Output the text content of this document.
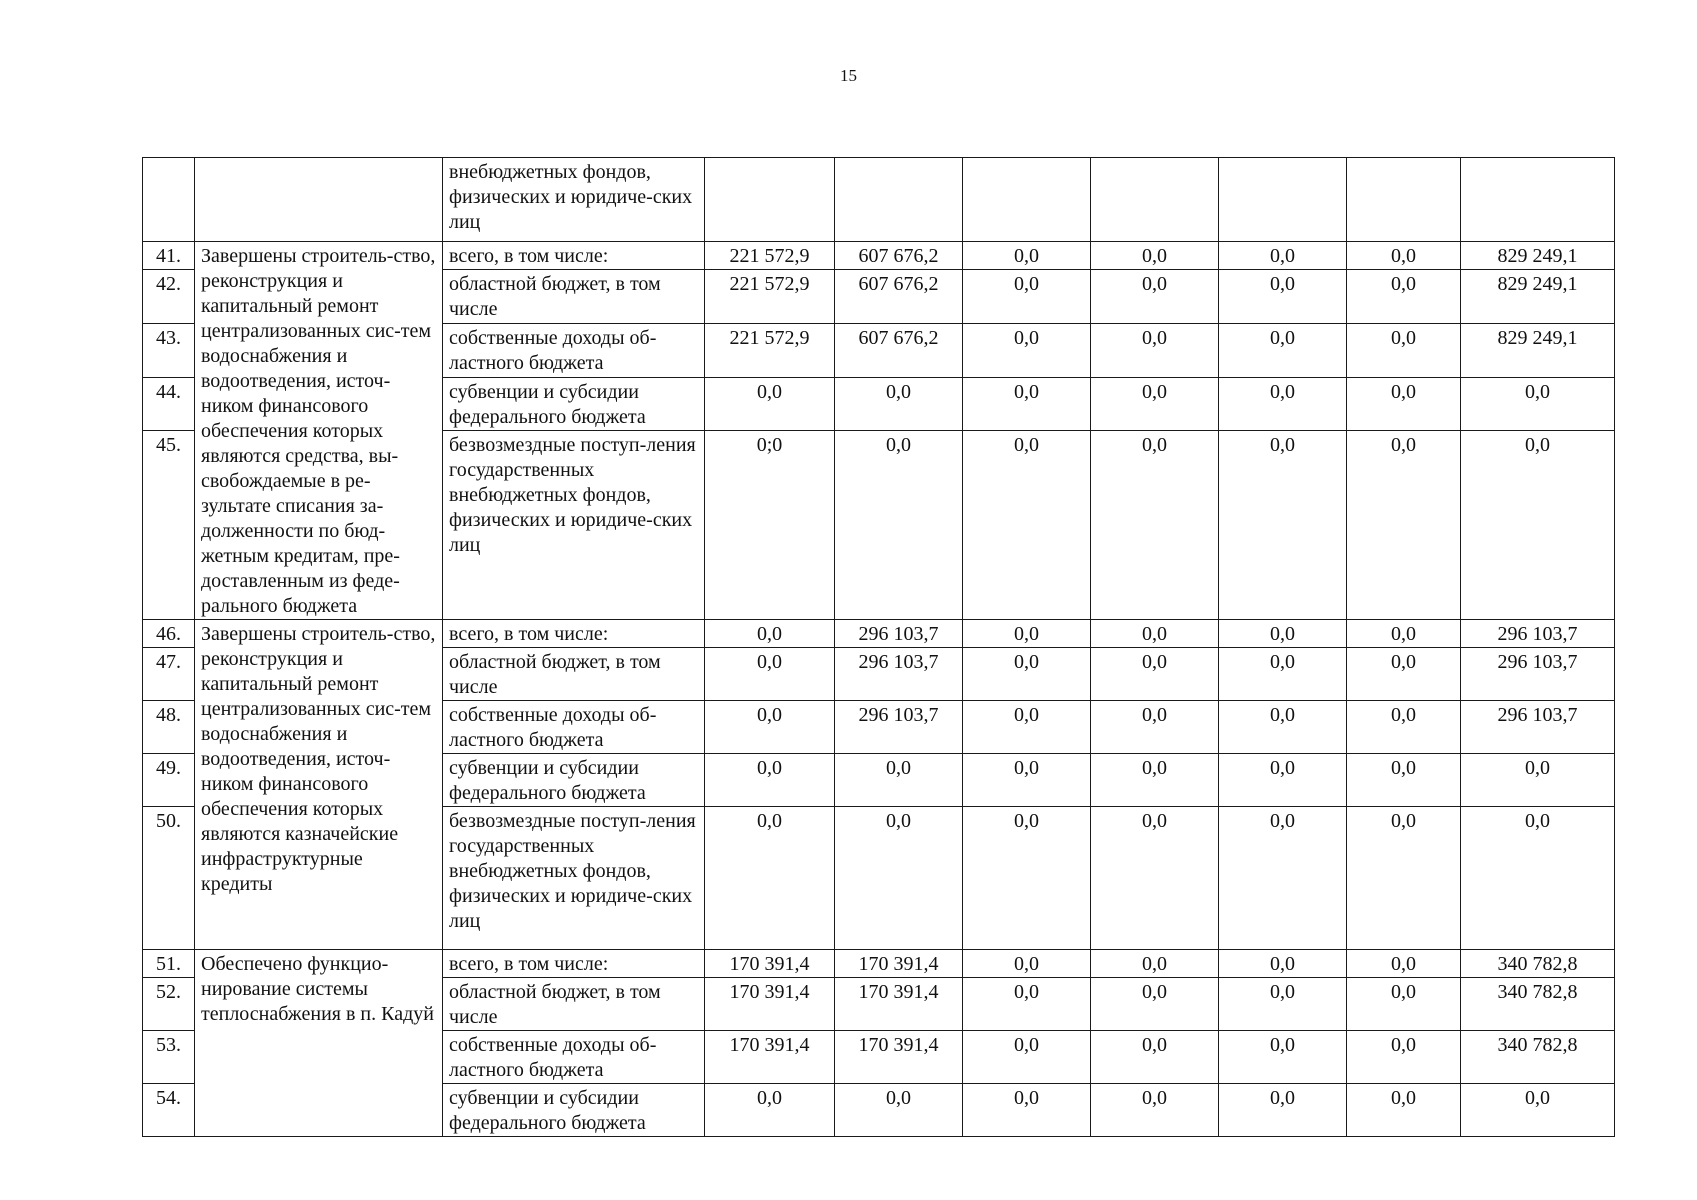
15
		внебюджетных фондов, физических и юридиче-ских лиц							
41.	Завершены строитель-ство, реконструкция и капитальный ремонт централизованных сис-тем водоснабжения и водоотведения, источ-ником финансового обеспечения которых являются средства, вы-свобождаемые в ре-зультате списания за-долженности по бюд-жетным кредитам, пре-доставленным из феде-рального бюджета	всего, в том числе:	221 572,9	607 676,2	0,0	0,0	0,0	0,0	829 249,1
42.		областной бюджет, в том числе	221 572,9	607 676,2	0,0	0,0	0,0	0,0	829 249,1
43.		собственные доходы об-ластного бюджета	221 572,9	607 676,2	0,0	0,0	0,0	0,0	829 249,1
44.		субвенции и субсидии федерального бюджета	0,0	0,0	0,0	0,0	0,0	0,0	0,0
45.		безвозмездные поступ-ления государственных внебюджетных фондов, физических и юридиче-ских лиц	0;0	0,0	0,0	0,0	0,0	0,0	0,0
46.	Завершены строитель-ство, реконструкция и капитальный ремонт централизованных сис-тем водоснабжения и водоотведения, источ-ником финансового обеспечения которых являются казначейские инфраструктурные кредиты	всего, в том числе:	0,0	296 103,7	0,0	0,0	0,0	0,0	296 103,7
47.		областной бюджет, в том числе	0,0	296 103,7	0,0	0,0	0,0	0,0	296 103,7
48.		собственные доходы об-ластного бюджета	0,0	296 103,7	0,0	0,0	0,0	0,0	296 103,7
49.		субвенции и субсидии федерального бюджета	0,0	0,0	0,0	0,0	0,0	0,0	0,0
50.		безвозмездные поступ-ления государственных внебюджетных фондов, физических и юридиче-ских лиц	0,0	0,0	0,0	0,0	0,0	0,0	0,0
51.	Обеспечено функцио-нирование системы теплоснабжения в п. Кадуй	всего, в том числе:	170 391,4	170 391,4	0,0	0,0	0,0	0,0	340 782,8
52.		областной бюджет, в том числе	170 391,4	170 391,4	0,0	0,0	0,0	0,0	340 782,8
53.		собственные доходы об-ластного бюджета	170 391,4	170 391,4	0,0	0,0	0,0	0,0	340 782,8
54.		субвенции и субсидии федерального бюджета	0,0	0,0	0,0	0,0	0,0	0,0	0,0
